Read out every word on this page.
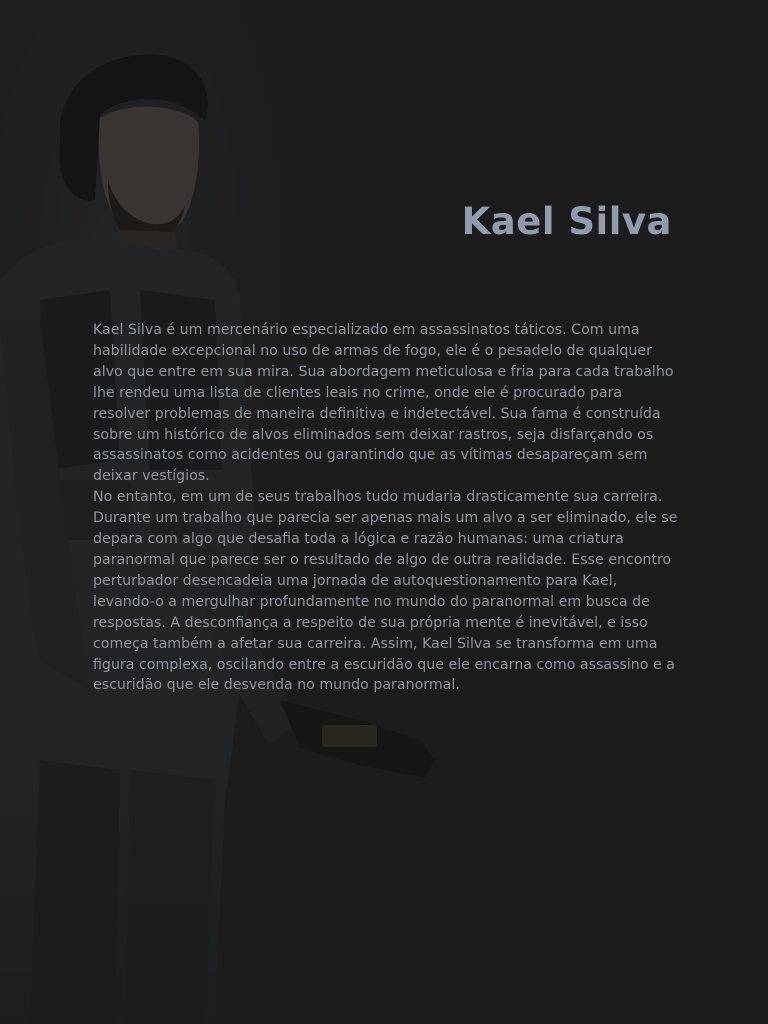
Kael Silva

Kael Silva é um mercenário especializado em assassinatos táticos. Com uma habilidade excepcional no uso de armas de fogo, ele é o pesadelo de qualquer alvo que entre em sua mira. Sua abordagem meticulosa e fria para cada trabalho lhe rendeu uma lista de clientes leais no crime, onde ele é procurado para resolver problemas de maneira definitiva e indetectável. Sua fama é construída sobre um histórico de alvos eliminados sem deixar rastros, seja disfarçando os assassinatos como acidentes ou garantindo que as vítimas desapareçam sem deixar vestígios.

No entanto, em um de seus trabalhos tudo mudaria drasticamente sua carreira. Durante um trabalho que parecia ser apenas mais um alvo a ser eliminado, ele se depara com algo que desafia toda a lógica e razão humanas: uma criatura paranormal que parece ser o resultado de algo de outra realidade. Esse encontro perturbador desencadeia uma jornada de autoquestionamento para Kael, levando-o a mergulhar profundamente no mundo do paranormal em busca de respostas. A desconfiança a respeito de sua própria mente é inevitável, e isso começa também a afetar sua carreira. Assim, Kael Silva se transforma em uma figura complexa, oscilando entre a escuridão que ele encarna como assassino e a escuridão que ele desvenda no mundo paranormal.
